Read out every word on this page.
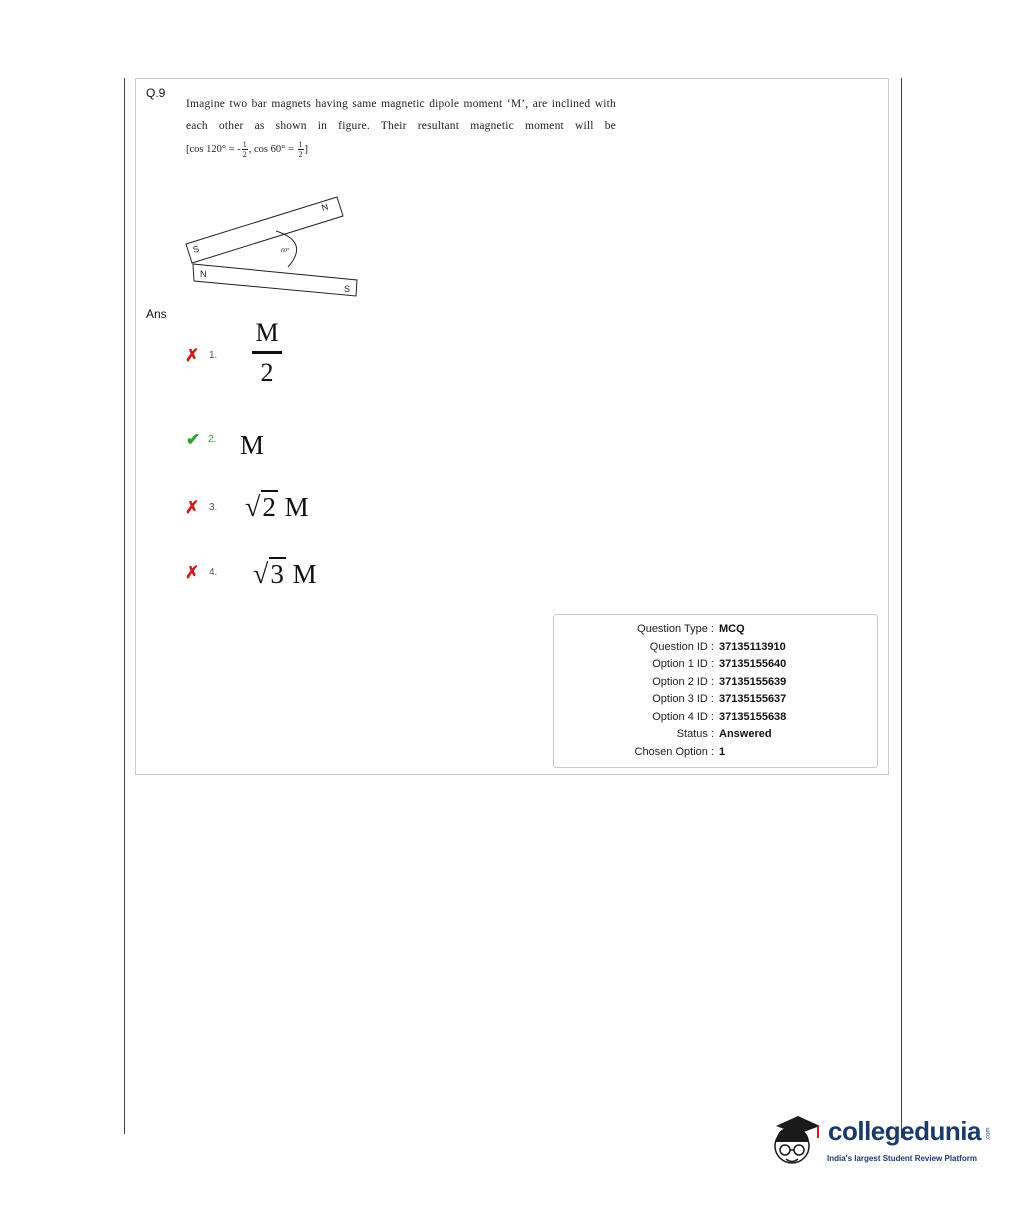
Q.9
Imagine two bar magnets having same magnetic dipole moment ‘M’, are inclined with each other as shown in figure. Their resultant magnetic moment will be
[cos 120° = - $\frac{1}{2}$ , $\cos 60^\circ = \frac{1}{2}$ ]
S
N
N
S
60°
Ans
✗ 1.
M
2
✔ 2. M
✗ 3. √2 M
✗ 4. √3 M
Question Type : MCQ
Question ID : 37135113910
Option 1 ID : 37135155640
Option 2 ID : 37135155639
Option 3 ID : 37135155637
Option 4 ID : 37135155638
Status : Answered
Chosen Option : 1
collegedunia .com
India's largest Student Review Platform
